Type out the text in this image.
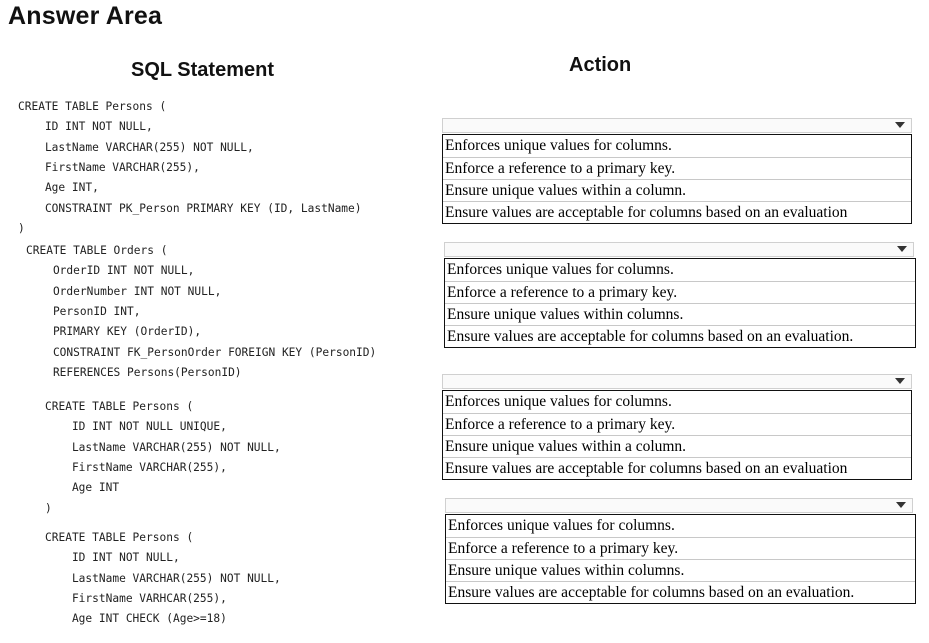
Answer Area
SQL Statement	Action
CREATE TABLE Persons (
ID INT NOT NULL,
LastName VARCHAR(255) NOT NULL,
FirstName VARCHAR(255),
Age INT,
CONSTRAINT PK_Person PRIMARY KEY (ID, LastName)
)
CREATE TABLE Orders (
OrderID INT NOT NULL,
OrderNumber INT NOT NULL,
PersonID INT,
PRIMARY KEY (OrderID),
CONSTRAINT FK_PersonOrder FOREIGN KEY (PersonID)
REFERENCES Persons(PersonID)
CREATE TABLE Persons (
ID INT NOT NULL UNIQUE,
LastName VARCHAR(255) NOT NULL,
FirstName VARCHAR(255),
Age INT
)
CREATE TABLE Persons (
ID INT NOT NULL,
LastName VARCHAR(255) NOT NULL,
FirstName VARHCAR(255),
Age INT CHECK (Age>=18)
Enforces unique values for columns.
Enforce a reference to a primary key.
Ensure unique values within a column.
Ensure values are acceptable for columns based on an evaluation
Enforces unique values for columns.
Enforce a reference to a primary key.
Ensure unique values within columns.
Ensure values are acceptable for columns based on an evaluation.
Enforces unique values for columns.
Enforce a reference to a primary key.
Ensure unique values within a column.
Ensure values are acceptable for columns based on an evaluation
Enforces unique values for columns.
Enforce a reference to a primary key.
Ensure unique values within columns.
Ensure values are acceptable for columns based on an evaluation.
